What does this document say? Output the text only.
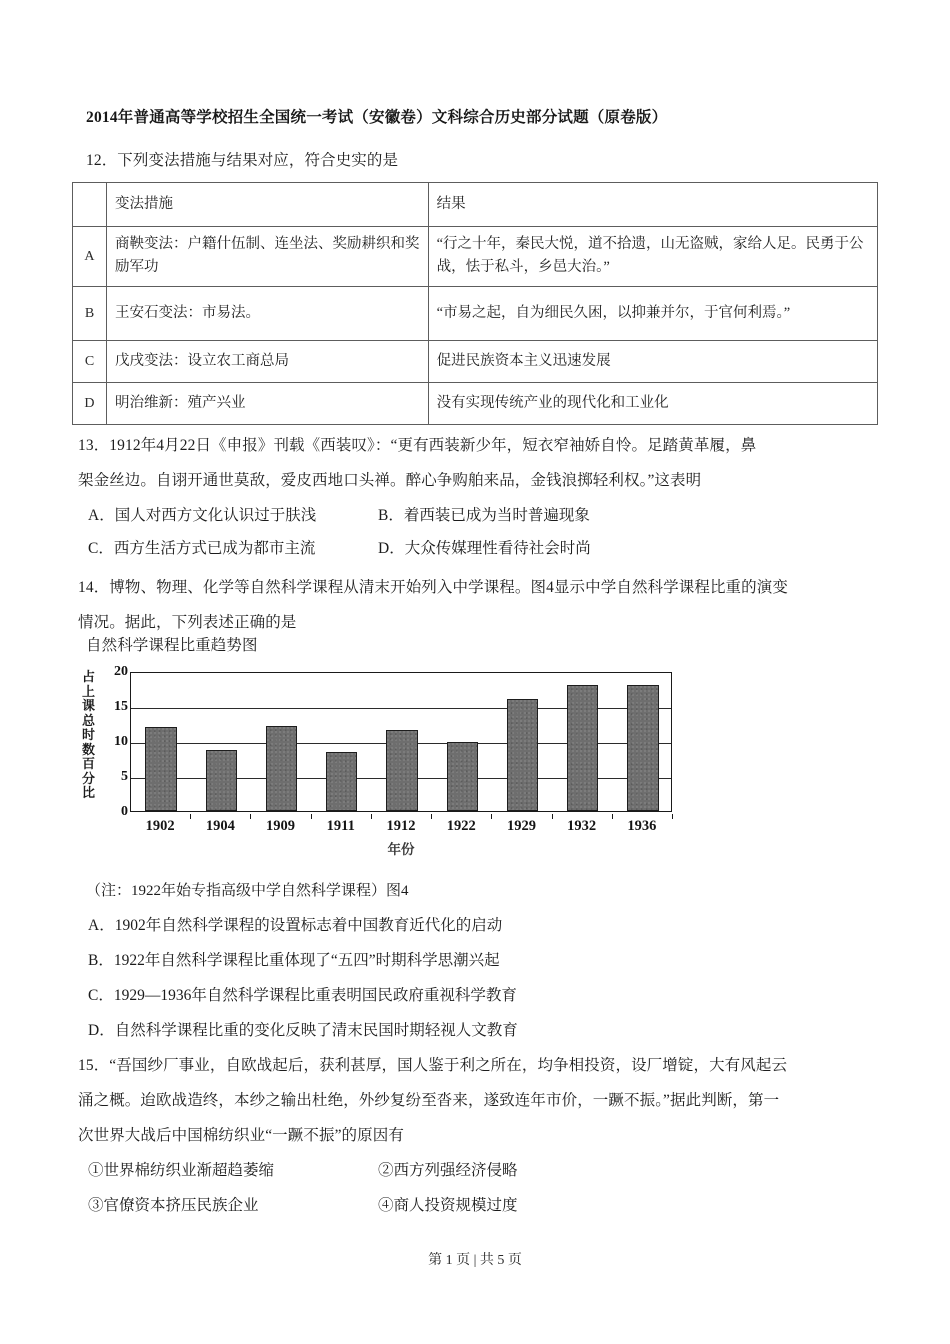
2014年普通高等学校招生全国统一考试（安徽卷）文科综合历史部分试题（原卷版）
12．下列变法措施与结果对应，符合史实的是
	变法措施	结果
A	商鞅变法：户籍什伍制、连坐法、奖励耕织和奖励军功	“行之十年，秦民大悦，道不拾遗，山无盗贼，家给人足。民勇于公战，怯于私斗，乡邑大治。”
B	王安石变法：市易法。	“市易之起，自为细民久困，以抑兼并尔，于官何利焉。”
C	戊戌变法：设立农工商总局	促进民族资本主义迅速发展
D	明治维新：殖产兴业	没有实现传统产业的现代化和工业化
13．1912年4月22日《申报》刊载《西装叹》：“更有西装新少年，短衣窄袖娇自怜。足踏黄革履，鼻
架金丝边。自诩开通世莫敌，爱皮西地口头禅。醉心争购舶来品，金钱浪掷轻利权。”这表明
A．国人对西方文化认识过于肤浅	B．着西装已成为当时普遍现象
C．西方生活方式已成为都市主流	D．大众传媒理性看待社会时尚
14．博物、物理、化学等自然科学课程从清末开始列入中学课程。图4显示中学自然科学课程比重的演变
情况。据此，下列表述正确的是
自然科学课程比重趋势图
占
上
课
总
时
数
百
分
比
0
5
10
15
20
1902 1904 1909 1911 1912 1922 1929 1932 1936
年份
（注：1922年始专指高级中学自然科学课程）图4
A．1902年自然科学课程的设置标志着中国教育近代化的启动
B．1922年自然科学课程比重体现了“五四”时期科学思潮兴起
C．1929—1936年自然科学课程比重表明国民政府重视科学教育
D．自然科学课程比重的变化反映了清末民国时期轻视人文教育
15．“吾国纱厂事业，自欧战起后，获利甚厚，国人鉴于利之所在，均争相投资，设厂增锭，大有风起云
涌之概。迨欧战造终，本纱之输出杜绝，外纱复纷至沓来，遂致连年市价，一蹶不振。”据此判断，第一
次世界大战后中国棉纺织业“一蹶不振”的原因有
①世界棉纺织业渐超趋萎缩	②西方列强经济侵略
③官僚资本挤压民族企业	④商人投资规模过度
第 1 页 | 共 5 页
